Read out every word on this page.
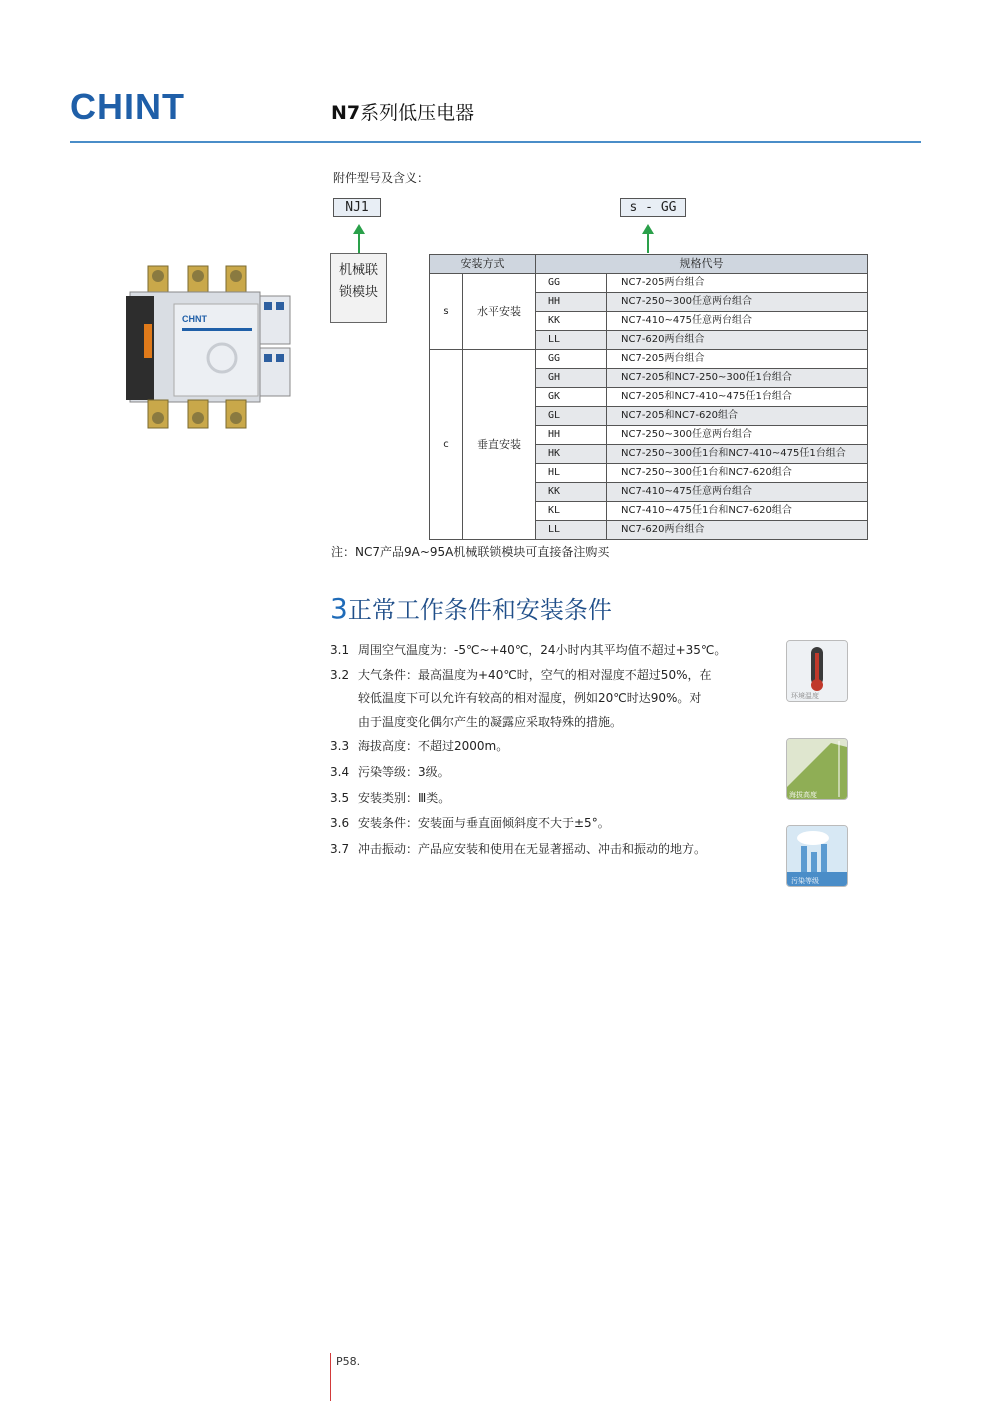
CHINT	N7系列低压电器
CHNT
附件型号及含义：
NJ1	s - GG
机械联
锁模块
安装方式		规格代号	
s	水平安装	GG	NC7-205两台组合
		HH	NC7-250~300任意两台组合
		KK	NC7-410~475任意两台组合
		LL	NC7-620两台组合
c	垂直安装	GG	NC7-205两台组合
		GH	NC7-205和NC7-250~300任1台组合
		GK	NC7-205和NC7-410~475任1台组合
		GL	NC7-205和NC7-620组合
		HH	NC7-250~300任意两台组合
		HK	NC7-250~300任1台和NC7-410~475任1台组合
		HL	NC7-250~300任1台和NC7-620组合
		KK	NC7-410~475任意两台组合
		KL	NC7-410~475任1台和NC7-620组合
		LL	NC7-620两台组合
注：NC7产品9A~95A机械联锁模块可直接备注购买
3正常工作条件和安装条件
3.1 周围空气温度为：-5℃~+40℃，24小时内其平均值不超过+35℃。
3.2 大气条件：最高温度为+40℃时，空气的相对湿度不超过50%，在
较低温度下可以允许有较高的相对湿度，例如20℃时达90%。对
由于温度变化偶尔产生的凝露应采取特殊的措施。
3.3 海拔高度：不超过2000m。
3.4 污染等级：3级。
3.5 安装类别：Ⅲ类。
3.6 安装条件：安装面与垂直面倾斜度不大于±5°。
3.7 冲击振动：产品应安装和使用在无显著摇动、冲击和振动的地方。
环境温度
海拔高度
污染等级
P58.
